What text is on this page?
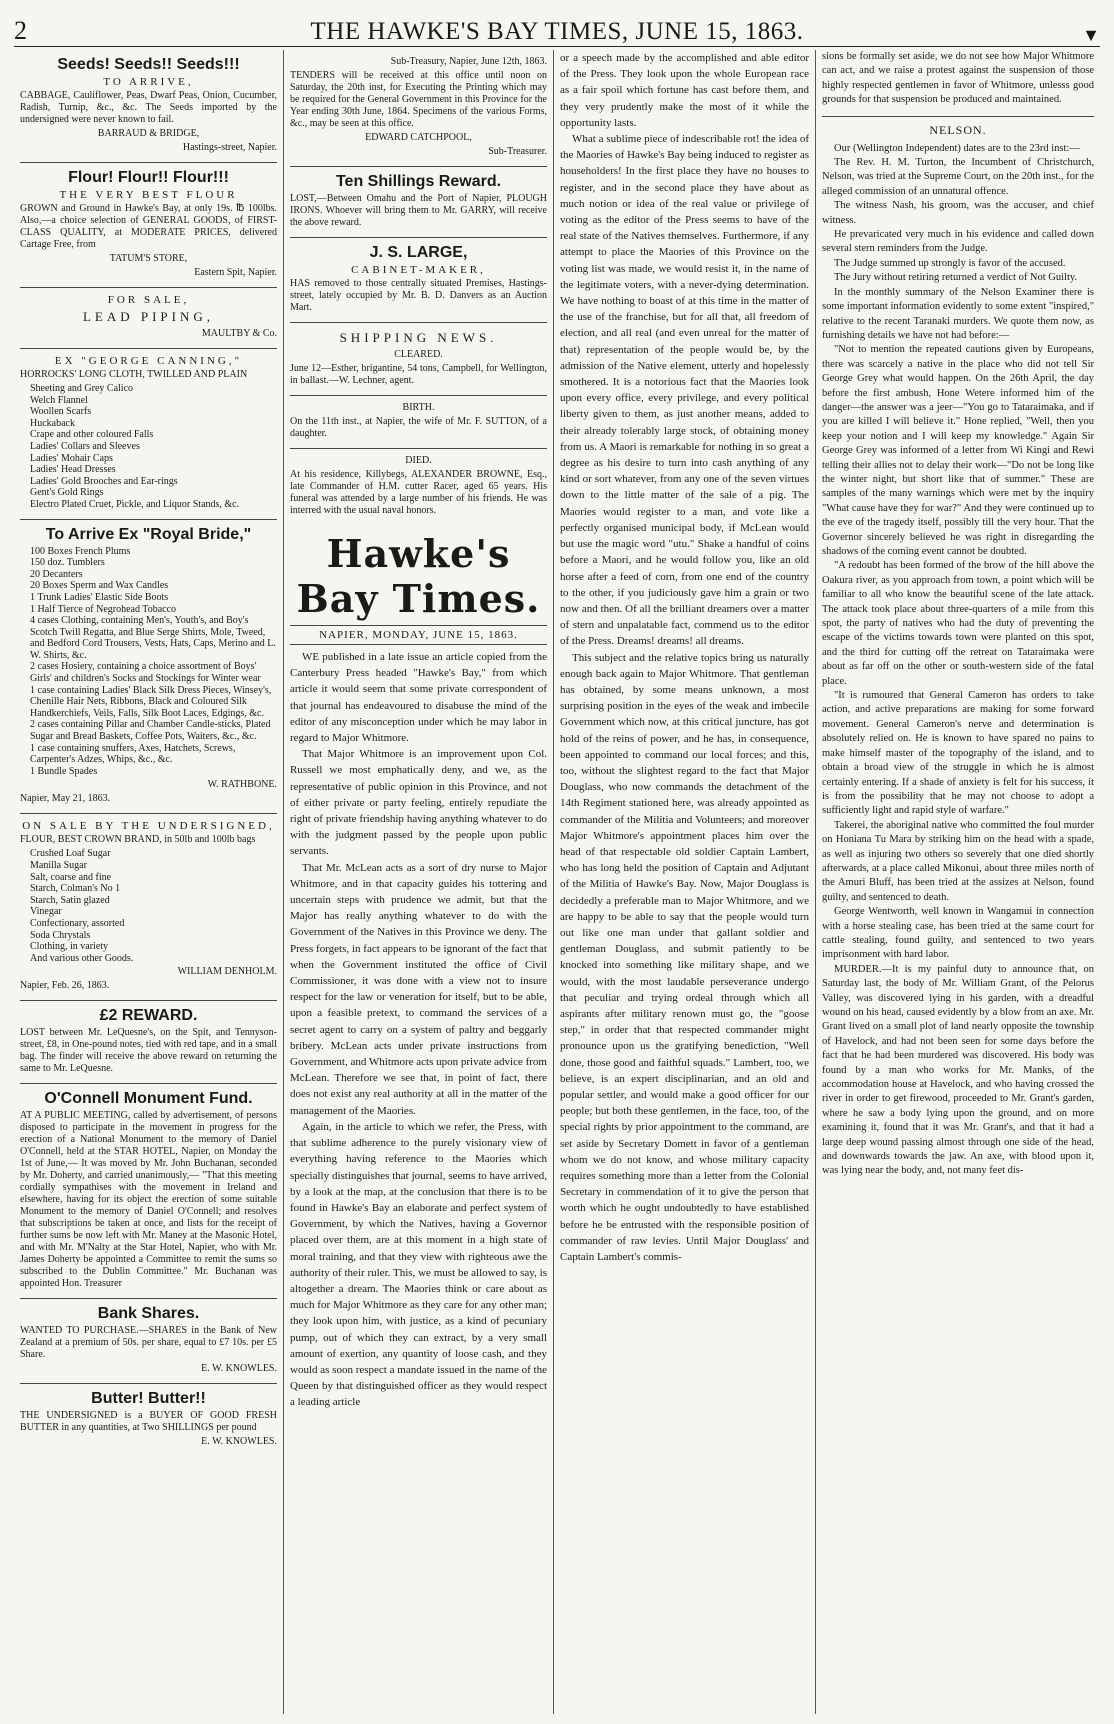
2	THE HAWKE'S BAY TIMES, JUNE 15, 1863.	▼
Seeds! Seeds!! Seeds!!!
TO ARRIVE,

CABBAGE, Cauliflower, Peas, Dwarf Peas, Onion, Cucumber, Radish, Turnip, &c., &c. The Seeds imported by the undersigned were never known to fail.

BARRAUD & BRIDGE,

Hastings-street, Napier.

Flour! Flour!! Flour!!!
THE VERY BEST FLOUR

GROWN and Ground in Hawke's Bay, at only 19s. ℔ 100lbs. Also,—a choice selection of GENERAL GOODS, of FIRST-CLASS QUALITY, at MODERATE PRICES, delivered Cartage Free, from

TATUM'S STORE,

Eastern Spit, Napier.

FOR SALE,
LEAD PIPING,

MAULTBY & Co.

EX "GEORGE CANNING,"

HORROCKS' LONG CLOTH, TWILLED AND PLAIN

Sheeting and Grey Calico
Welch Flannel
Woollen Scarfs
Huckaback
Crape and other coloured Falls
Ladies' Collars and Sleeves
Ladies' Mohair Caps
Ladies' Head Dresses
Ladies' Gold Brooches and Ear-rings
Gent's Gold Rings
Electro Plated Cruet, Pickle, and Liquor Stands, &c.
To Arrive Ex "Royal Bride,"
100 Boxes French Plums
150 doz. Tumblers
20 Decanters
20 Boxes Sperm and Wax Candles
1 Trunk Ladies' Elastic Side Boots
1 Half Tierce of Negrohead Tobacco
4 cases Clothing, containing Men's, Youth's, and Boy's Scotch Twill Regatta, and Blue Serge Shirts, Mole, Tweed, and Bedford Cord Trousers, Vests, Hats, Caps, Merino and L. W. Shirts, &c.
2 cases Hosiery, containing a choice assortment of Boys' Girls' and children's Socks and Stockings for Winter wear
1 case containing Ladies' Black Silk Dress Pieces, Winsey's, Chenille Hair Nets, Ribbons, Black and Coloured Silk Handkerchiefs, Veils, Falls, Silk Boot Laces, Edgings, &c.
2 cases containing Pillar and Chamber Candle-sticks, Plated Sugar and Bread Baskets, Coffee Pots, Waiters, &c., &c.
1 case containing snuffers, Axes, Hatchets, Screws, Carpenter's Adzes, Whips, &c., &c.
1 Bundle Spades

W. RATHBONE.

Napier, May 21, 1863.

ON SALE BY THE UNDERSIGNED,

FLOUR, BEST CROWN BRAND, in 50lb and 100lb bags

Crushed Loaf Sugar
Manilla Sugar
Salt, coarse and fine
Starch, Colman's No 1
Starch, Satin glazed
Vinegar
Confectionary, assorted
Soda Chrystals
Clothing, in variety
And various other Goods.

WILLIAM DENHOLM.

Napier, Feb. 26, 1863.

£2 REWARD.

LOST between Mr. LeQuesne's, on the Spit, and Tennyson-street, £8, in One-pound notes, tied with red tape, and in a small bag. The finder will receive the above reward on returning the same to Mr. LeQuesne.

O'Connell Monument Fund.

AT A PUBLIC MEETING, called by advertisement, of persons disposed to participate in the movement in progress for the erection of a National Monument to the memory of Daniel O'Connell, held at the STAR HOTEL, Napier, on Monday the 1st of June,— It was moved by Mr. John Buchanan, seconded by Mr. Doherty, and carried unanimously,— "That this meeting cordially sympathises with the movement in Ireland and elsewhere, having for its object the erection of some suitable Monument to the memory of Daniel O'Connell; and resolves that subscriptions be taken at once, and lists for the receipt of further sums be now left with Mr. Maney at the Masonic Hotel, and with Mr. M'Nalty at the Star Hotel, Napier, who with Mr. James Doherty be appointed a Committee to remit the sums so subscribed to the Dublin Committee." Mr. Buchanan was appointed Hon. Treasurer

Bank Shares.

WANTED TO PURCHASE.—SHARES in the Bank of New Zealand at a premium of 50s. per share, equal to £7 10s. per £5 Share.

E. W. KNOWLES.

Butter! Butter!!

THE UNDERSIGNED is a BUYER OF GOOD FRESH BUTTER in any quantities, at Two SHILLINGS per pound

E. W. KNOWLES.

Sub-Treasury, Napier, June 12th, 1863.

TENDERS will be received at this office until noon on Saturday, the 20th inst, for Executing the Printing which may be required for the General Government in this Province for the Year ending 30th June, 1864. Specimens of the various Forms, &c., may be seen at this office.

EDWARD CATCHPOOL,

Sub-Treasurer.

Ten Shillings Reward.

LOST,—Between Omahu and the Port of Napier, PLOUGH IRONS. Whoever will bring them to Mr. GARRY, will receive the above reward.

J. S. LARGE,
CABINET-MAKER,

HAS removed to those centrally situated Premises, Hastings-street, lately occupied by Mr. B. D. Danvers as an Auction Mart.

SHIPPING NEWS.

CLEARED.

June 12—Esther, brigantine, 54 tons, Campbell, for Wellington, in ballast.—W. Lechner, agent.

BIRTH.

On the 11th inst., at Napier, the wife of Mr. F. SUTTON, of a daughter.

DIED.

At his residence, Killybegs, ALEXANDER BROWNE, Esq., late Commander of H.M. cutter Racer, aged 65 years. His funeral was attended by a large number of his friends. He was interred with the usual naval honors.

Hawke's Bay Times.
NAPIER, MONDAY, JUNE 15, 1863.

WE published in a late issue an article copied from the Canterbury Press headed "Hawke's Bay," from which article it would seem that some private correspondent of that journal has endeavoured to disabuse the mind of the editor of any misconception under which he may labor in regard to Major Whitmore.

That Major Whitmore is an improvement upon Col. Russell we most emphatically deny, and we, as the representative of public opinion in this Province, and not of either private or party feeling, entirely repudiate the right of private friendship having anything whatever to do with the judgment passed by the people upon public servants.

That Mr. McLean acts as a sort of dry nurse to Major Whitmore, and in that capacity guides his tottering and uncertain steps with prudence we admit, but that the Major has really anything whatever to do with the Government of the Natives in this Province we deny. The Press forgets, in fact appears to be ignorant of the fact that when the Government instituted the office of Civil Commissioner, it was done with a view not to insure respect for the law or veneration for itself, but to be able, upon a feasible pretext, to command the services of a secret agent to carry on a system of paltry and beggarly bribery. McLean acts under private instructions from Government, and Whitmore acts upon private advice from McLean. Therefore we see that, in point of fact, there does not exist any real authority at all in the matter of the management of the Maories.

Again, in the article to which we refer, the Press, with that sublime adherence to the purely visionary view of everything having reference to the Maories which specially distinguishes that journal, seems to have arrived, by a look at the map, at the conclusion that there is to be found in Hawke's Bay an elaborate and perfect system of Government, by which the Natives, having a Governor placed over them, are at this moment in a high state of moral training, and that they view with righteous awe the authority of their ruler. This, we must be allowed to say, is altogether a dream. The Maories think or care about as much for Major Whitmore as they care for any other man; they look upon him, with justice, as a kind of pecuniary pump, out of which they can extract, by a very small amount of exertion, any quantity of loose cash, and they would as soon respect a mandate issued in the name of the Queen by that distinguished officer as they would respect a leading article

or a speech made by the accomplished and able editor of the Press. They look upon the whole European race as a fair spoil which fortune has cast before them, and they very prudently make the most of it while the opportunity lasts.

What a sublime piece of indescribable rot! the idea of the Maories of Hawke's Bay being induced to register as householders! In the first place they have no houses to register, and in the second place they have about as much notion or idea of the real value or privilege of voting as the editor of the Press seems to have of the real state of the Natives themselves. Furthermore, if any attempt to place the Maories of this Province on the voting list was made, we would resist it, in the name of the legitimate voters, with a never-dying determination. We have nothing to boast of at this time in the matter of the use of the franchise, but for all that, all freedom of election, and all real (and even unreal for the matter of that) representation of the people would be, by the admission of the Native element, utterly and hopelessly smothered. It is a notorious fact that the Maories look upon every office, every privilege, and every political liberty given to them, as just another means, added to their already tolerably large stock, of obtaining money from us. A Maori is remarkable for nothing in so great a degree as his desire to turn into cash anything of any kind or sort whatever, from any one of the seven virtues down to the little matter of the sale of a pig. The Maories would register to a man, and vote like a perfectly organised municipal body, if McLean would but use the magic word "utu." Shake a handful of coins before a Maori, and he would follow you, like an old horse after a feed of corn, from one end of the country to the other, if you judiciously gave him a grain or two now and then. Of all the brilliant dreamers over a matter of stern and unpalatable fact, commend us to the editor of the Press. Dreams! dreams! all dreams.

This subject and the relative topics bring us naturally enough back again to Major Whitmore. That gentleman has obtained, by some means unknown, a most surprising position in the eyes of the weak and imbecile Government which now, at this critical juncture, has got hold of the reins of power, and he has, in consequence, been appointed to command our local forces; and this, too, without the slightest regard to the fact that Major Douglass, who now commands the detachment of the 14th Regiment stationed here, was already appointed as commander of the Militia and Volunteers; and moreover Major Whitmore's appointment places him over the head of that respectable old soldier Captain Lambert, who has long held the position of Captain and Adjutant of the Militia of Hawke's Bay. Now, Major Douglass is decidedly a preferable man to Major Whitmore, and we are happy to be able to say that the people would turn out like one man under that gallant soldier and gentleman Douglass, and submit patiently to be knocked into something like military shape, and we would, with the most laudable perseverance undergo that peculiar and trying ordeal through which all aspirants after military renown must go, the "goose step," in order that that respected commander might pronounce upon us the gratifying benediction, "Well done, those good and faithful squads." Lambert, too, we believe, is an expert disciplinarian, and an old and popular settler, and would make a good officer for our people; but both these gentlemen, in the face, too, of the special rights by prior appointment to the command, are set aside by Secretary Domett in favor of a gentleman whom we do not know, and whose military capacity requires something more than a letter from the Colonial Secretary in commendation of it to give the person that worth which he ought undoubtedly to have established before he be entrusted with the responsible position of commander of raw levies. Until Major Douglass' and Captain Lambert's commis-

sions be formally set aside, we do not see how Major Whitmore can act, and we raise a protest against the suspension of those highly respected gentlemen in favor of Whitmore, unlesss good grounds for that suspension be produced and maintained.

NELSON.

Our (Wellington Independent) dates are to the 23rd inst:—

The Rev. H. M. Turton, the Incumbent of Christchurch, Nelson, was tried at the Supreme Court, on the 20th inst., for the alleged commission of an unnatural offence.

The witness Nash, his groom, was the accuser, and chief witness.

He prevaricated very much in his evidence and called down several stern reminders from the Judge.

The Judge summed up strongly is favor of the accused.

The Jury without retiring returned a verdict of Not Guilty.

In the monthly summary of the Nelson Examiner there is some important information evidently to some extent "inspired," relative to the recent Taranaki murders. We quote them now, as furnishing details we have not had before:—

"Not to mention the repeated cautions given by Europeans, there was scarcely a native in the place who did not tell Sir George Grey what would happen. On the 26th April, the day before the first ambush, Hone Wetere informed him of the danger—the answer was a jeer—"You go to Tataraimaka, and if you are killed I will believe it." Hone replied, "Well, then you keep your notion and I will keep my knowledge." Again Sir George Grey was informed of a letter from Wi Kingi and Rewi telling their allies not to delay their work—"Do not be long like the winter night, but short like that of summer." These are samples of the many warnings which were met by the inquiry "What cause have they for war?" And they were continued up to the eve of the tragedy itself, possibly till the very hour. That the Governor sincerely believed he was right in disregarding the shadows of the coming event cannot be doubted.

"A redoubt has been formed of the brow of the hill above the Oakura river, as you approach from town, a point which will be familiar to all who know the beautiful scene of the late attack. The attack took place about three-quarters of a mile from this spot, the party of natives who had the duty of preventing the escape of the victims towards town were planted on this spot, and the third for cutting off the retreat on Tataraimaka were about as far off on the other or south-western side of the fatal place.

"It is rumoured that General Cameron has orders to take action, and active preparations are making for some forward movement. General Cameron's nerve and determination is absolutely relied on. He is known to have spared no pains to make himself master of the topography of the island, and to obtain a broad view of the struggle in which he is almost certainly entering. If a shade of anxiety is felt for his success, it is from the possibility that he may not choose to adopt a sufficiently light and rapid style of warfare."

Takerei, the aboriginal native who committed the foul murder on Honiana Tu Mara by striking him on the head with a spade, as well as injuring two others so severely that one died shortly afterwards, at a place called Mikonui, about three miles north of the Amuri Bluff, has been tried at the assizes at Nelson, found guilty, and sentenced to death.

George Wentworth, well known in Wangamui in connection with a horse stealing case, has been tried at the same court for cattle stealing, found guilty, and sentenced to two years imprisonment with hard labor.

MURDER.—It is my painful duty to announce that, on Saturday last, the body of Mr. William Grant, of the Pelorus Valley, was discovered lying in his garden, with a dreadful wound on his head, caused evidently by a blow from an axe. Mr. Grant lived on a small plot of land nearly opposite the township of Havelock, and had not been seen for some days before the fact that he had been murdered was discovered. His body was found by a man who works for Mr. Manks, of the accommodation house at Havelock, and who having crossed the river in order to get firewood, proceeded to Mr. Grant's garden, where he saw a body lying upon the ground, and on more examining it, found that it was Mr. Grant's, and that it had a large deep wound passing almost through one side of the head, and downwards towards the jaw. An axe, with blood upon it, was lying near the body, and, not many feet dis-
